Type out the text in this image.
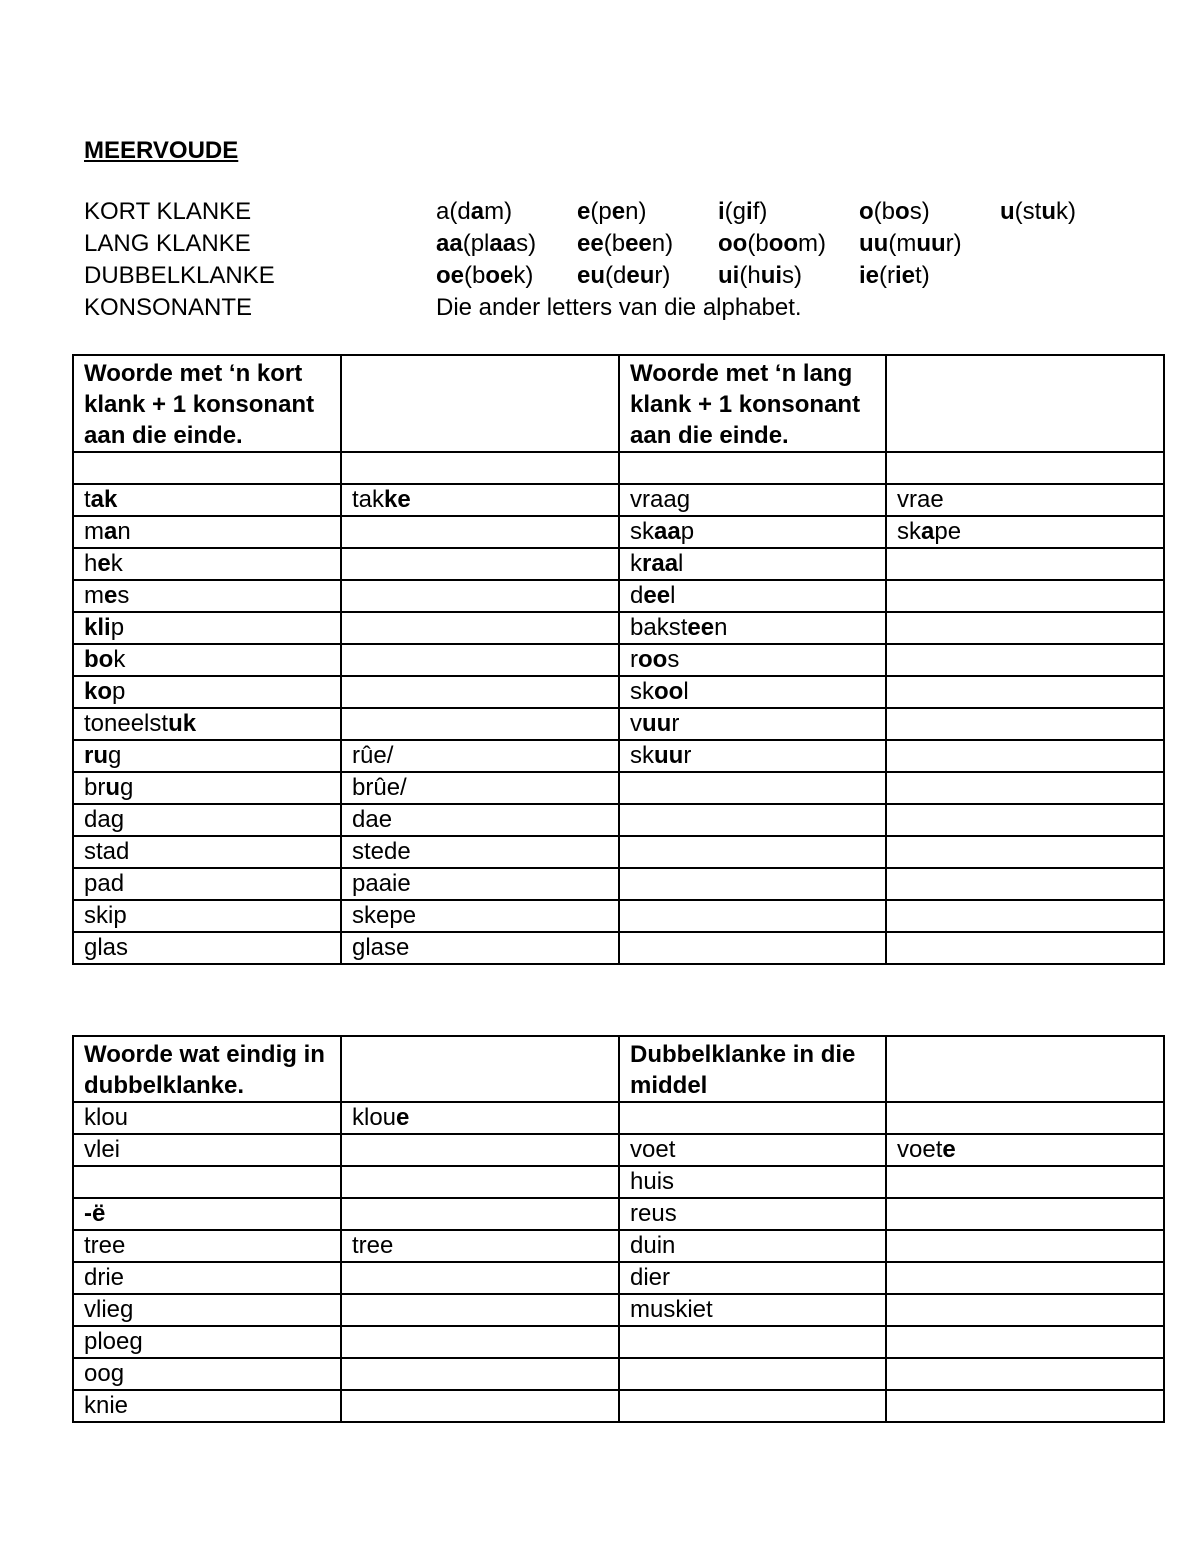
MEERVOUDE
KORT KLANKE	a(dam)	e(pen)	i(gif)	o(bos)	u(stuk)
LANG KLANKE	aa(plaas) ee(been) oo(boom) uu(muur)
DUBBELKLANKE	oe(boek) eu(deur) ui(huis) ie(riet)
KONSONANTE	Die ander letters van die alphabet.
Woorde met ‘n kort klank + 1 konsonant aan die einde.		Woorde met ‘n lang klank + 1 konsonant aan die einde.	

tak	takke	vraag	vrae
man		skaap	skape
hek		kraal	
mes		deel	
klip		baksteen	
bok		roos	
kop		skool	
toneelstuk		vuur	
rug	rûe/	skuur	
brug	brûe/		
dag	dae		
stad	stede		
pad	paaie		
skip	skepe		
glas	glase		
Woorde wat eindig in dubbelklanke.		Dubbelklanke in die middel	
klou	kloue		
vlei		voet	voete
		huis	
-ë		reus	
tree	tree	duin	
drie		dier	
vlieg		muskiet	
ploeg			
oog			
knie			
